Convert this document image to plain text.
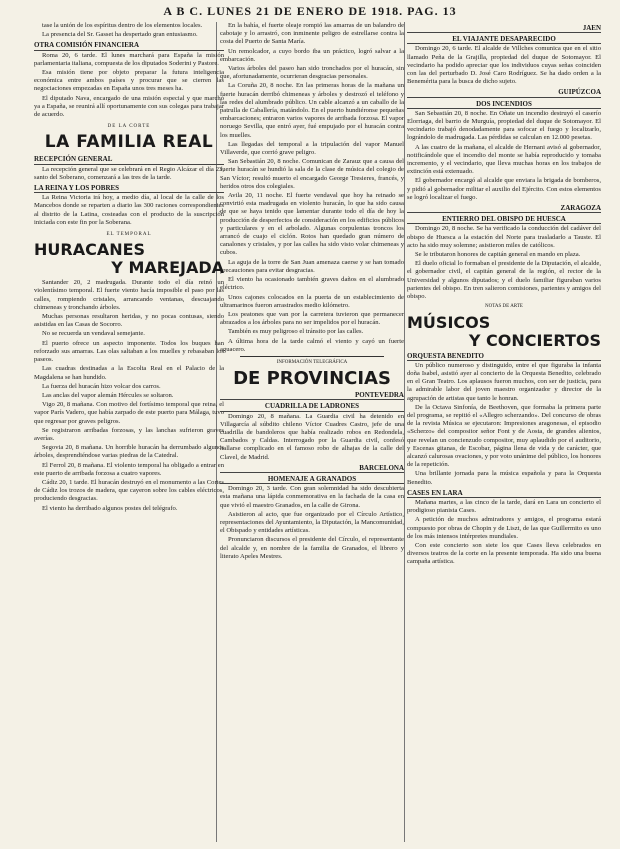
A B C. LUNES 21 DE ENERO DE 1918. PAG. 13

tase la unión de los espíritus dentro de los elementos locales.

La presencia del Sr. Gasset ha despertado gran entusiasmo.

OTRA COMISIÓN FINANCIERA

Roma 20, 6 tarde. El lunes marchará para España la misión parlamentaria italiana, compuesta de los diputados Soderini y Pastore.

Esa misión tiene por objeto preparar la futura inteligencia económica entre ambos países y procurar que se cierren las negociaciones empezadas en España unos tres meses ha.

El diputado Nava, encargado de una misión especial y que marchó ya a España, se reunirá allí oportunamente con sus colegas para trabajar de acuerdo.

DE LA CORTE
LA FAMILIA REAL
RECEPCIÓN GENERAL

La recepción general que se celebrará en el Regio Alcázar el día 23, santo del Soberano, comenzará a las tres de la tarde.

LA REINA Y LOS POBRES

La Reina Victoria irá hoy, a medio día, al local de la calle de los Mancebos donde se reparten a diario las 300 raciones correspondientes al distrito de la Latina, costeadas con el producto de la suscripción iniciada con este fin por la Soberana.

EL TEMPORAL
HURACANES
Y MAREJADA

Santander 20, 2 madrugada. Durante todo el día reinó un violentísimo temporal. El fuerte viento hacía imposible el paso por las calles, rompiendo cristales, arrancando ventanas, descuajando chimeneas y tronchando árboles.

Muchas personas resultaron heridas, y no pocas contusas, siendo asistidas en las Casas de Socorro.

No se recuerda un vendaval semejante.

El puerto ofrece un aspecto imponente. Todos los buques han reforzado sus amarras. Las olas saltaban a los muelles y rebasaban los paseos.

Las cuadras destinadas a la Escolta Real en el Palacio de la Magdalena se han hundido.

La fuerza del huracán hizo volcar dos carros.

Las anclas del vapor alemán Hércules se soltaron.

Vigo 20, 8 mañana. Con motivo del fortísimo temporal que reina, el vapor París Vadero, que había zarpado de este puerto para Málaga, tuvo que regresar por graves peligros.

Se registraron arribadas forzosas, y las lanchas sufrieron graves averías.

Segovia 20, 8 mañana. Un horrible huracán ha derrumbado algunos árboles, desprendiéndose varias piedras de la Catedral.

El Ferrol 20, 8 mañana. El violento temporal ha obligado a entrar en este puerto de arribada forzosa a cuatro vapores.

Cádiz 20, 1 tarde. El huracán destruyó en el monumento a las Cortes de Cádiz los trozos de madera, que cayeron sobre los cables eléctricos, produciendo desgracias.

El viento ha derribado algunos postes del telégrafo.

En la bahía, el fuerte oleaje rompió las amarras de un balandro de cabotaje y lo arrastró, con inminente peligro de estrellarse contra la costa del Puerto de Santa María.

Un remolcador, a cuyo bordo iba un práctico, logró salvar a la embarcación.

Varios árboles del paseo han sido tronchados por el huracán, sin que, afortunadamente, ocurrieran desgracias personales.

La Coruña 20, 8 noche. En las primeras horas de la mañana un fuerte huracán derribó chimeneas y árboles y destrozó el teléfono y las redes del alumbrado público. Un cable alcanzó a un caballo de la patrulla de Caballería, matándolo. En el puerto hundiéronse pequeñas embarcaciones; entraron varios vapores de arribada forzosa. El vapor noruego Sevilla, que entró ayer, fué empujado por el huracán contra los muelles.

Las llegadas del temporal a la tripulación del vapor Manuel Villaverde, que corrió grave peligro.

San Sebastián 20, 8 noche. Comunican de Zarauz que a causa del fuerte huracán se hundió la sala de la clase de música del colegio de San Víctor; resultó muerto el encargado George Tresieres, francés, y heridos otros dos colegiales.

Avila 20, 11 noche. El fuerte vendaval que hoy ha reinado se convirtió esta madrugada en violento huracán, lo que ha sido causa de que se haya tenido que lamentar durante todo el día de hoy la producción de desperfectos de consideración en los edificios públicos y particulares y en el arbolado. Algunas corpulentas troncos los arrancó de cuajo el ciclón. Rotos han quedado gran número de canalones y cristales, y por las calles ha sido visto volar chimeneas y cubos.

La aguja de la torre de San Juan amenaza caerse y se han tomado precauciones para evitar desgracias.

El viento ha ocasionado también graves daños en el alumbrado eléctrico.

Unos cajones colocados en la puerta de un establecimiento de ultramarinos fueron arrastrados medio kilómetro.

Los peatones que van por la carretera tuvieron que permanecer abrazados a los árboles para no ser impelidos por el huracán.

También es muy peligroso el tránsito por las calles.

A última hora de la tarde calmó el viento y cayó un fuerte aguacero.

INFORMACIÓN TELEGRÁFICA
DE PROVINCIAS
PONTEVEDRA
CUADRILLA DE LADRONES

Domingo 20, 8 mañana. La Guardia civil ha detenido en Villagarcía al súbdito chileno Víctor Cuadres Castro, jefe de una cuadrilla de bandoleros que había realizado robos en Redondela, Cambados y Caldas. Interrogado por la Guardia civil, confesó hallarse complicado en el famoso robo de alhajas de la calle del Clavel, de Madrid.

BARCELONA
HOMENAJE A GRANADOS

Domingo 20, 3 tarde. Con gran solemnidad ha sido descubierta esta mañana una lápida conmemorativa en la fachada de la casa en que vivió el maestro Granados, en la calle de Girona.

Asistieron al acto, que fue organizado por el Círculo Artístico, representaciones del Ayuntamiento, la Diputación, la Mancomunidad, el Obispado y entidades artísticas.

Pronunciaron discursos el presidente del Círculo, el representante del alcalde y, en nombre de la familia de Granados, el librero y literato Apeles Mestres.

JAEN
EL VIAJANTE DESAPARECIDO

Domingo 20, 6 tarde. El alcalde de Villches comunica que en el sitio llamado Peña de la Grajilla, propiedad del duque de Sotomayor. El vecindario ha podido apreciar que los individuos cuyas señas coinciden con las del perturbado D. José Caro Rodríguez. Se ha dado orden a la Benemérita para la busca de dicho sujeto.

GUIPÚZCOA
DOS INCENDIOS

San Sebastián 20, 8 noche. En Oñate un incendio destruyó el caserío Elorriaga, del barrio de Murguía, propiedad del duque de Sotomayor. El vecindario trabajó denodadamente para sofocar el fuego y localizarlo, lográndolo de madrugada. Las pérdidas se calculan en 12.000 pesetas.

A las cuatro de la mañana, el alcalde de Hernani avisó al gobernador, notificándole que el incendio del monte se había reproducido y tomaba incremento, y el vecindario, que lleva muchas horas en los trabajos de extinción está extenuado.

El gobernador encargó al alcalde que enviara la brigada de bomberos, y pidió al gobernador militar el auxilio del Ejército. Con estos elementos se logró localizar el fuego.

ZARAGOZA
ENTIERRO DEL OBISPO DE HUESCA

Domingo 20, 8 noche. Se ha verificado la conducción del cadáver del obispo de Huesca a la estación del Norte para trasladarlo a Tauste. El acto ha sido muy solemne; asistieron miles de católicos.

Se le tributaron honores de capitán general en mando en plaza.

El duelo oficial lo formaban el presidente de la Diputación, el alcalde, el gobernador civil, el capitán general de la región, el rector de la Universidad y algunos diputados; y el duelo familiar figuraban varios parientes del obispo. En tren salieron comisiones, parientes y amigos del obispo.

NOTAS DE ARTE
MÚSICOS
Y CONCIERTOS
ORQUESTA BENEDITO

Un público numeroso y distinguido, entre el que figuraba la infanta doña Isabel, asistió ayer al concierto de la Orquesta Benedito, celebrado en el Gran Teatro. Los aplausos fueron muchos, con ser de justicia, para la admirable labor del joven maestro organizador y director de la agrupación de artistas que tanto le honran.

De la Octava Sinfonía, de Beethoven, que formaba la primera parte del programa, se repitió el «Allegro scherzando». Del concurso de obras de la revista Música se ejecutaron: Impresiones aragonesas, el episodio «Scherzo» del compositor señor Font y de Aosta, de grandes alientos, que revelan un concienzudo compositor, muy aplaudido por el auditorio, y Escenas gitanas, de Escobar, página llena de vida y de carácter, que alcanzó calurosas ovaciones, y por voto unánime del público, los honores de la repetición.

Una brillante jornada para la música española y para la Orquesta Benedito.

CASES EN LARA

Mañana martes, a las cinco de la tarde, dará en Lara un concierto el prodigioso pianista Cases.

A petición de muchos admiradores y amigos, el programa estará compuesto por obras de Chopin y de Liszt, de las que Guillermito es uno de los más intensos intérpretes mundiales.

Con este concierto son siete los que Cases lleva celebrados en diversos teatros de la corte en la presente temporada. Ha sido una buena campaña artística.
